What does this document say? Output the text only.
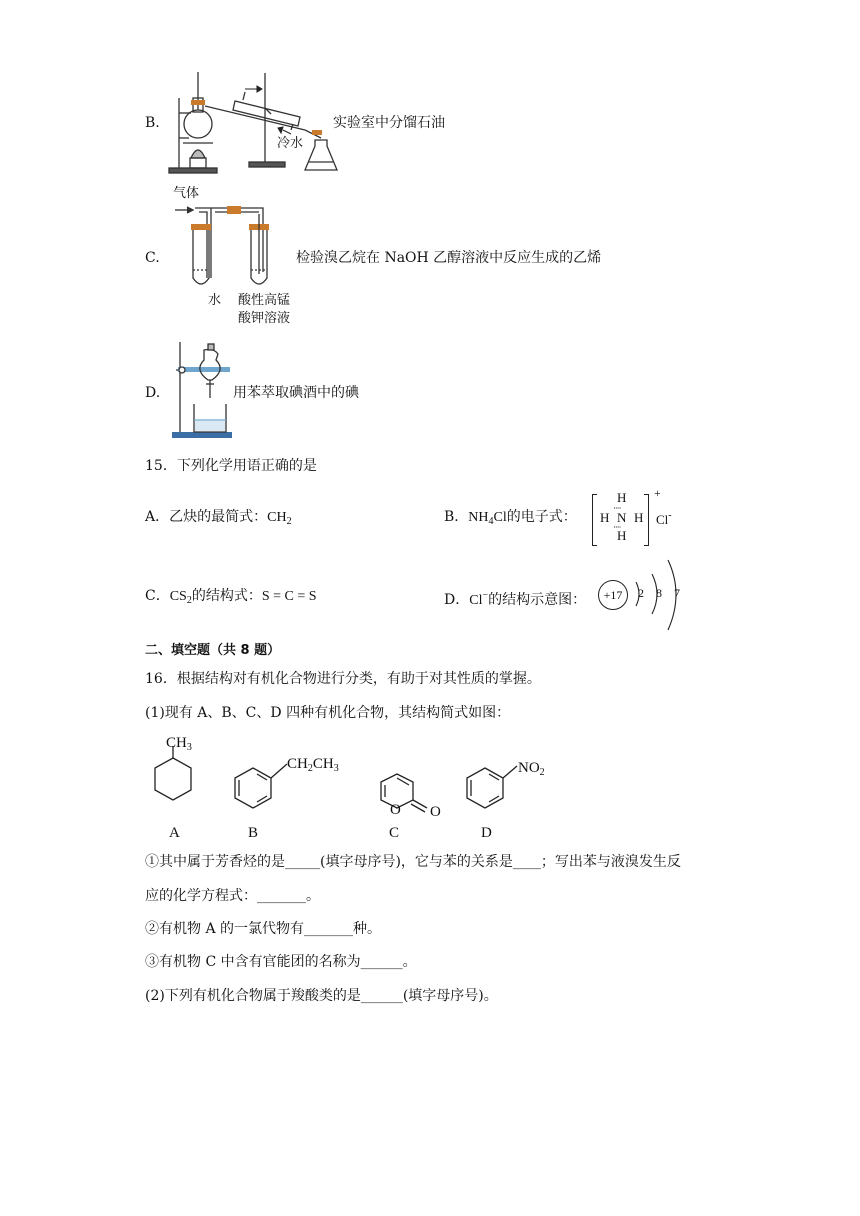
B.
冷水
实验室中分馏石油
C.
气体
水 酸性高锰
酸钾溶液
检验溴乙烷在 NaOH 乙醇溶液中反应生成的乙烯
D.	用苯萃取碘酒中的碘
15．下列化学用语正确的是
A．乙炔的最简式：$CH_2$	B．$NH_4Cl$的电子式：
H
H N H
H
⋅⋅⋅⋅
⋅⋅⋅⋅
+
Cl-
C．$CS_2$的结构式：S = C = S	D．Cl−的结构示意图：	+17	2 8 7
二、填空题（共 8 题）
16．根据结构对有机化合物进行分类，有助于对其性质的掌握。
(1)现有 A、B、C、D 四种有机化合物，其结构简式如图：
$CH_3$
$CH_2CH_3$
O O
$NO_2$
A	B	C	D
①其中属于芳香烃的是_____(填字母序号)，它与苯的关系是____；写出苯与液溴发生反
应的化学方程式：_______。
②有机物 A 的一氯代物有_______种。
③有机物 C 中含有官能团的名称为______。
(2)下列有机化合物属于羧酸类的是______(填字母序号)。
